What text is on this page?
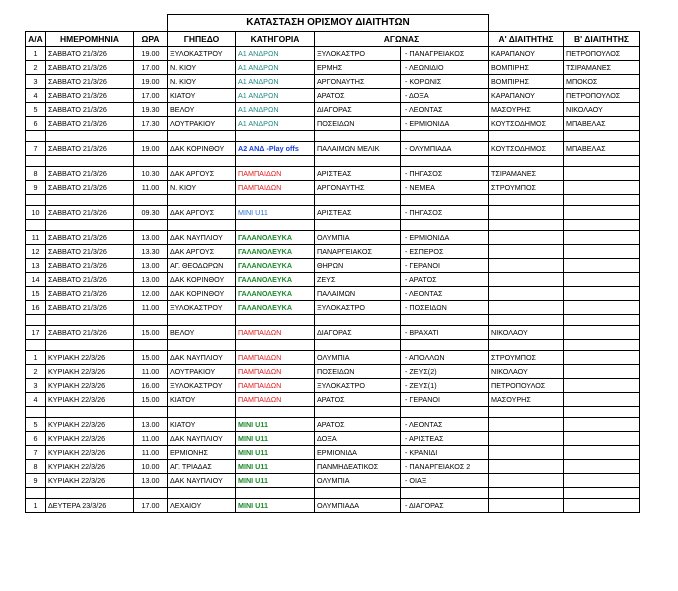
			ΚΑΤΑΣΤΑΣΗ ΟΡΙΣΜΟΥ ΔΙΑΙΤΗΤΩΝ					
Α/Α	ΗΜΕΡΟΜΗΝΙΑ	ΩΡΑ	ΓΗΠΕΔΟ	ΚΑΤΗΓΟΡΙΑ	ΑΓΩΝΑΣ		Α' ΔΙΑΙΤΗΤΗΣ	Β' ΔΙΑΙΤΗΤΗΣ
1	ΣΑΒΒΑΤΟ 21/3/26	19.00	ΞΥΛΟΚΑΣΤΡΟΥ	Α1 ΑΝΔΡΩΝ	ΞΥΛΟΚΑΣΤΡΟ	- ΠΑΝΑΓΡΕΙΑΚΟΣ	ΚΑΡΑΠΑΝΟΥ	ΠΕΤΡΟΠΟΥΛΟΣ
2	ΣΑΒΒΑΤΟ 21/3/26	17.00	Ν. ΚΙΟΥ	Α1 ΑΝΔΡΩΝ	ΕΡΜΗΣ	- ΛΕΩΝΙΔΙΟ	ΒΟΜΠΙΡΗΣ	ΤΣΙΡΑΜΑΝΕΣ
3	ΣΑΒΒΑΤΟ 21/3/26	19.00	Ν. ΚΙΟΥ	Α1 ΑΝΔΡΩΝ	ΑΡΓΟΝΑΥΤΗΣ	- ΚΟΡΩΝΙΣ	ΒΟΜΠΙΡΗΣ	ΜΠΟΚΟΣ
4	ΣΑΒΒΑΤΟ 21/3/26	17.00	ΚΙΑΤΟΥ	Α1 ΑΝΔΡΩΝ	ΑΡΑΤΟΣ	- ΔΟΞΑ	ΚΑΡΑΠΑΝΟΥ	ΠΕΤΡΟΠΟΥΛΟΣ
5	ΣΑΒΒΑΤΟ 21/3/26	19.30	ΒΕΛΟΥ	Α1 ΑΝΔΡΩΝ	ΔΙΑΓΟΡΑΣ	- ΛΕΟΝΤΑΣ	ΜΑΣΟΥΡΗΣ	ΝΙΚΟΛΑΟΥ
6	ΣΑΒΒΑΤΟ 21/3/26	17.30	ΛΟΥΤΡΑΚΙΟΥ	Α1 ΑΝΔΡΩΝ	ΠΟΣΕΙΔΩΝ	- ΕΡΜΙΟΝΙΔΑ	ΚΟΥΤΣΟΔΗΜΟΣ	ΜΠΑΒΕΛΑΣ

7	ΣΑΒΒΑΤΟ 21/3/26	19.00	ΔΑΚ ΚΟΡΙΝΘΟΥ	Α2 ΑΝΔ -Play offs	ΠΑΛΑΙΜΩΝ ΜΕΛΙΚ	- ΟΛΥΜΠΙΑΔΑ	ΚΟΥΤΣΟΔΗΜΟΣ	ΜΠΑΒΕΛΑΣ

8	ΣΑΒΒΑΤΟ 21/3/26	10.30	ΔΑΚ ΑΡΓΟΥΣ	ΠΑΜΠΑΙΔΩΝ	ΑΡΙΣΤΕΑΣ	- ΠΗΓΑΣΟΣ	ΤΣΙΡΑΜΑΝΕΣ	
9	ΣΑΒΒΑΤΟ 21/3/26	11.00	Ν. ΚΙΟΥ	ΠΑΜΠΑΙΔΩΝ	ΑΡΓΟΝΑΥΤΗΣ	- ΝΕΜΕΑ	ΣΤΡΟΥΜΠΟΣ	

10	ΣΑΒΒΑΤΟ 21/3/26	09.30	ΔΑΚ ΑΡΓΟΥΣ	MINI U11	ΑΡΙΣΤΕΑΣ	- ΠΗΓΑΣΟΣ		

11	ΣΑΒΒΑΤΟ 21/3/26	13.00	ΔΑΚ ΝΑΥΠΛΙΟΥ	ΓΑΛΑΝΟΛΕΥΚΑ	ΟΛΥΜΠΙΑ	- ΕΡΜΙΟΝΙΔΑ		
12	ΣΑΒΒΑΤΟ 21/3/26	13.30	ΔΑΚ ΑΡΓΟΥΣ	ΓΑΛΑΝΟΛΕΥΚΑ	ΠΑΝΑΡΓΕΙΑΚΟΣ	- ΕΣΠΕΡΟΣ		
13	ΣΑΒΒΑΤΟ 21/3/26	13.00	ΑΓ. ΘΕΟΔΩΡΩΝ	ΓΑΛΑΝΟΛΕΥΚΑ	ΘΗΡΩΝ	- ΓΕΡΑΝΟΙ		
14	ΣΑΒΒΑΤΟ 21/3/26	13.00	ΔΑΚ ΚΟΡΙΝΘΟΥ	ΓΑΛΑΝΟΛΕΥΚΑ	ΖΕΥΣ	- ΑΡΑΤΟΣ		
15	ΣΑΒΒΑΤΟ 21/3/26	12.00	ΔΑΚ ΚΟΡΙΝΘΟΥ	ΓΑΛΑΝΟΛΕΥΚΑ	ΠΑΛΑΙΜΩΝ	- ΛΕΟΝΤΑΣ		
16	ΣΑΒΒΑΤΟ 21/3/26	11.00	ΞΥΛΟΚΑΣΤΡΟΥ	ΓΑΛΑΝΟΛΕΥΚΑ	ΞΥΛΟΚΑΣΤΡΟ	- ΠΟΣΕΙΔΩΝ		

17	ΣΑΒΒΑΤΟ 21/3/26	15.00	ΒΕΛΟΥ	ΠΑΜΠΑΙΔΩΝ	ΔΙΑΓΟΡΑΣ	- ΒΡΑΧΑΤΙ	ΝΙΚΟΛΑΟΥ	

1	ΚΥΡΙΑΚΗ 22/3/26	15.00	ΔΑΚ ΝΑΥΠΛΙΟΥ	ΠΑΜΠΑΙΔΩΝ	ΟΛΥΜΠΙΑ	- ΑΠΟΛΛΩΝ	ΣΤΡΟΥΜΠΟΣ	
2	ΚΥΡΙΑΚΗ 22/3/26	11.00	ΛΟΥΤΡΑΚΙΟΥ	ΠΑΜΠΑΙΔΩΝ	ΠΟΣΕΙΔΩΝ	- ΖΕΥΣ(2)	ΝΙΚΟΛΑΟΥ	
3	ΚΥΡΙΑΚΗ 22/3/26	16.00	ΞΥΛΟΚΑΣΤΡΟΥ	ΠΑΜΠΑΙΔΩΝ	ΞΥΛΟΚΑΣΤΡΟ	- ΖΕΥΣ(1)	ΠΕΤΡΟΠΟΥΛΟΣ	
4	ΚΥΡΙΑΚΗ 22/3/26	15.00	ΚΙΑΤΟΥ	ΠΑΜΠΑΙΔΩΝ	ΑΡΑΤΟΣ	- ΓΕΡΑΝΟΙ	ΜΑΣΟΥΡΗΣ	

5	ΚΥΡΙΑΚΗ 22/3/26	13.00	ΚΙΑΤΟΥ	MINI U11	ΑΡΑΤΟΣ	- ΛΕΟΝΤΑΣ		
6	ΚΥΡΙΑΚΗ 22/3/26	11.00	ΔΑΚ ΝΑΥΠΛΙΟΥ	MINI U11	ΔΟΞΑ	- ΑΡΙΣΤΕΑΣ		
7	ΚΥΡΙΑΚΗ 22/3/26	11.00	ΕΡΜΙΟΝΗΣ	MINI U11	ΕΡΜΙΟΝΙΔΑ	- ΚΡΑΝΙΔΙ		
8	ΚΥΡΙΑΚΗ 22/3/26	10.00	ΑΓ. ΤΡΙΑΔΑΣ	MINI U11	ΠΑΝΜΗΔΕΑΤΙΚΟΣ	- ΠΑΝΑΡΓΕΙΑΚΟΣ 2		
9	ΚΥΡΙΑΚΗ 22/3/26	13.00	ΔΑΚ ΝΑΥΠΛΙΟΥ	MINI U11	ΟΛΥΜΠΙΑ	- ΟΙΑΞ		

1	ΔΕΥΤΕΡΑ 23/3/26	17.00	ΛΕΧΑΙΟΥ	MINI U11	ΟΛΥΜΠΙΑΔΑ	- ΔΙΑΓΟΡΑΣ		
